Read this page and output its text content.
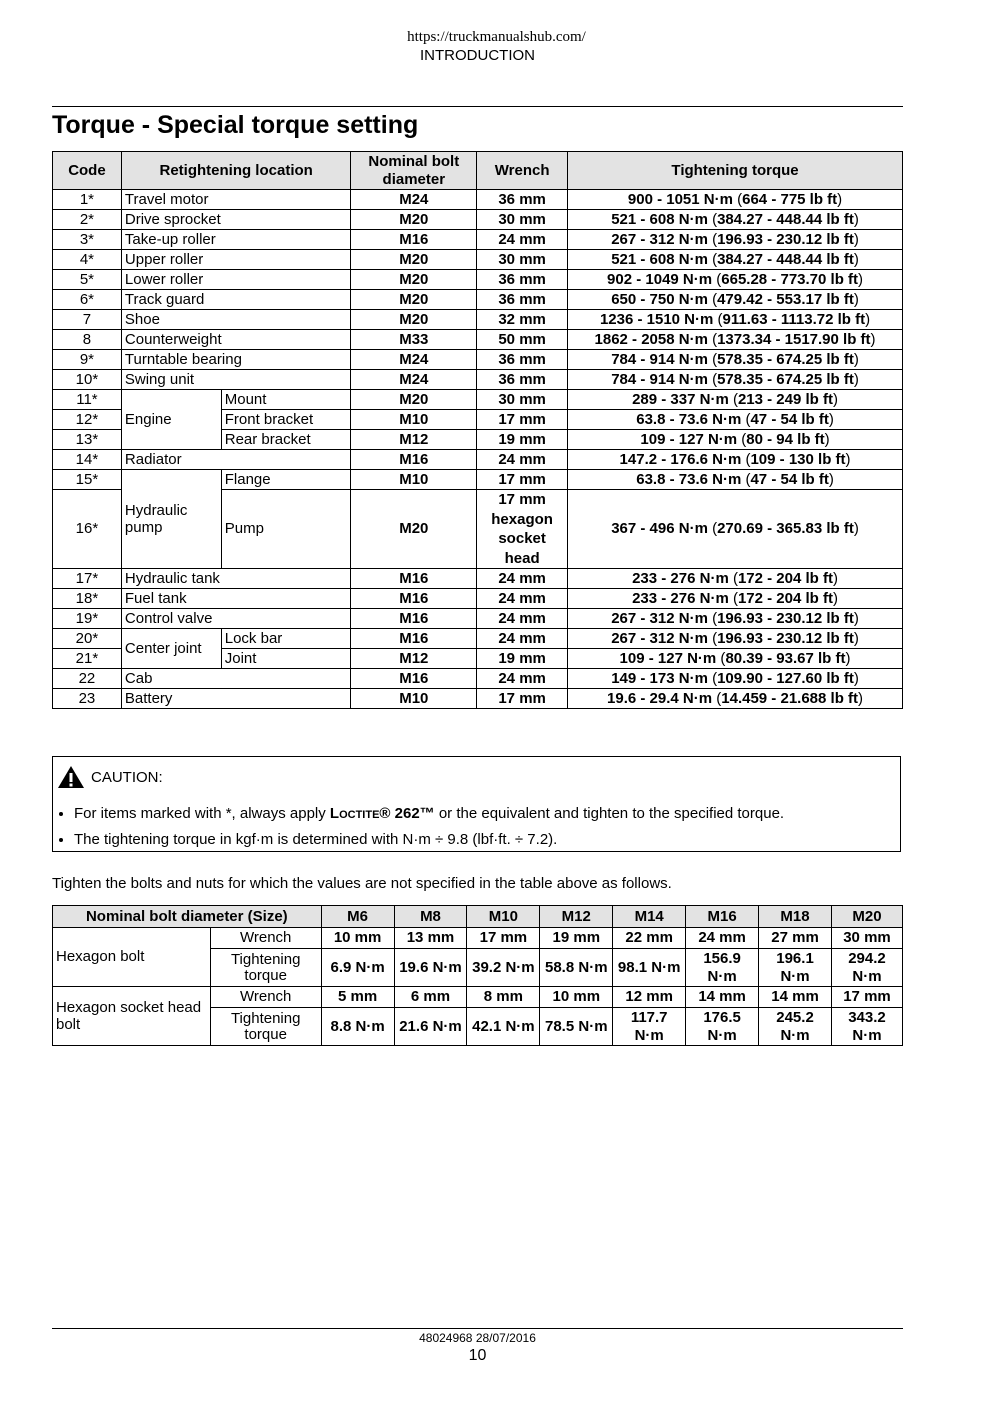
https://truckmanualshub.com/
INTRODUCTION
Torque - Special torque setting
Code	Retightening location		Nominal bolt diameter	Wrench	Tightening torque
1*	Travel motor		M24	36 mm	900 - 1051 N·m (664 - 775 lb ft)
2*	Drive sprocket		M20	30 mm	521 - 608 N·m (384.27 - 448.44 lb ft)
3*	Take-up roller		M16	24 mm	267 - 312 N·m (196.93 - 230.12 lb ft)
4*	Upper roller		M20	30 mm	521 - 608 N·m (384.27 - 448.44 lb ft)
5*	Lower roller		M20	36 mm	902 - 1049 N·m (665.28 - 773.70 lb ft)
6*	Track guard		M20	36 mm	650 - 750 N·m (479.42 - 553.17 lb ft)
7	Shoe		M20	32 mm	1236 - 1510 N·m (911.63 - 1113.72 lb ft)
8	Counterweight		M33	50 mm	1862 - 2058 N·m (1373.34 - 1517.90 lb ft)
9*	Turntable bearing		M24	36 mm	784 - 914 N·m (578.35 - 674.25 lb ft)
10*	Swing unit		M24	36 mm	784 - 914 N·m (578.35 - 674.25 lb ft)
11*	Engine	Mount	M20	30 mm	289 - 337 N·m (213 - 249 lb ft)
12*		Front bracket	M10	17 mm	63.8 - 73.6 N·m (47 - 54 lb ft)
13*		Rear bracket	M12	19 mm	109 - 127 N·m (80 - 94 lb ft)
14*	Radiator		M16	24 mm	147.2 - 176.6 N·m (109 - 130 lb ft)
15*	Hydraulic pump	Flange	M10	17 mm	63.8 - 73.6 N·m (47 - 54 lb ft)
16*		Pump	M20	17 mm hexagon socket head	367 - 496 N·m (270.69 - 365.83 lb ft)
17*	Hydraulic tank		M16	24 mm	233 - 276 N·m (172 - 204 lb ft)
18*	Fuel tank		M16	24 mm	233 - 276 N·m (172 - 204 lb ft)
19*	Control valve		M16	24 mm	267 - 312 N·m (196.93 - 230.12 lb ft)
20*	Center joint	Lock bar	M16	24 mm	267 - 312 N·m (196.93 - 230.12 lb ft)
21*		Joint	M12	19 mm	109 - 127 N·m (80.39 - 93.67 lb ft)
22	Cab		M16	24 mm	149 - 173 N·m (109.90 - 127.60 lb ft)
23	Battery		M10	17 mm	19.6 - 29.4 N·m (14.459 - 21.688 lb ft)
CAUTION:
• For items marked with *, always apply Loctite® 262™ or the equivalent and tighten to the specified torque.
• The tightening torque in kgf·m is determined with N·m ÷ 9.8 (lbf·ft. ÷ 7.2).
Tighten the bolts and nuts for which the values are not specified in the table above as follows.
Nominal bolt diameter (Size)		M6	M8	M10	M12	M14	M16	M18	M20
Hexagon bolt	Wrench	10 mm	13 mm	17 mm	19 mm	22 mm	24 mm	27 mm	30 mm
	Tightening torque	6.9 N·m	19.6 N·m	39.2 N·m	58.8 N·m	98.1 N·m	156.9 N·m	196.1 N·m	294.2 N·m
Hexagon socket head bolt	Wrench	5 mm	6 mm	8 mm	10 mm	12 mm	14 mm	14 mm	17 mm
	Tightening torque	8.8 N·m	21.6 N·m	42.1 N·m	78.5 N·m	117.7 N·m	176.5 N·m	245.2 N·m	343.2 N·m
48024968 28/07/2016
10
